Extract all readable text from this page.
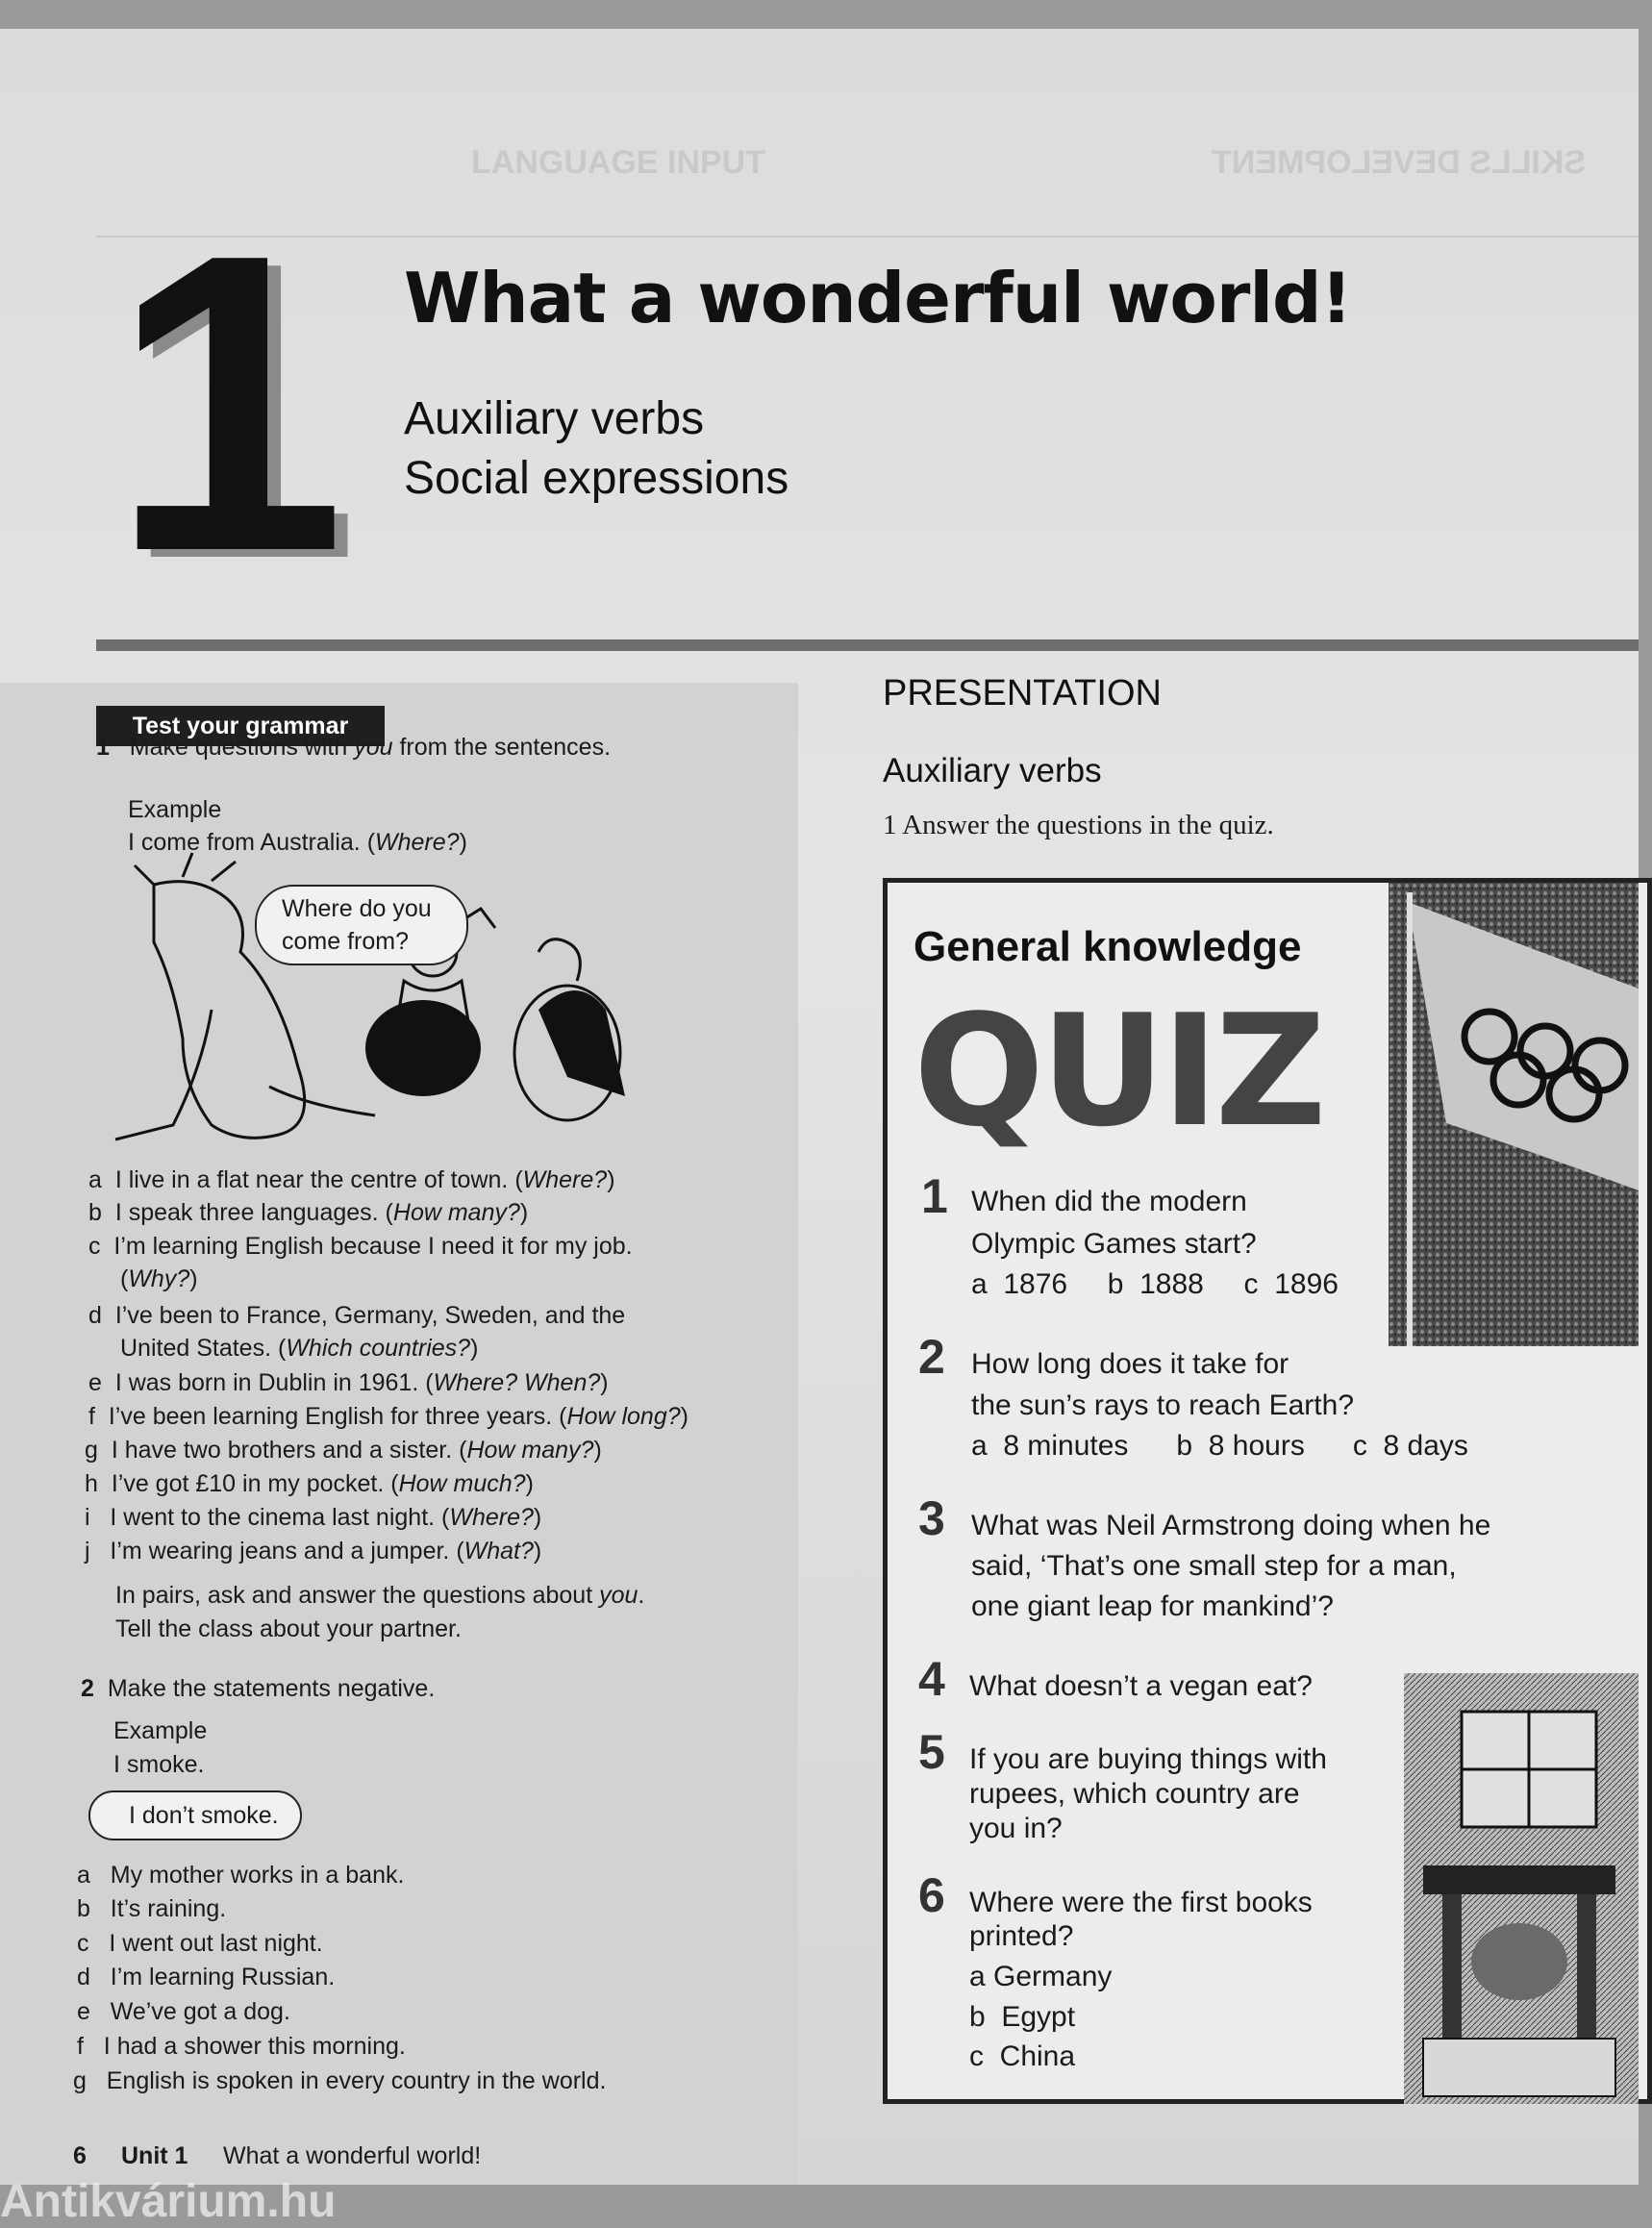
LANGUAGE INPUT	SKILLS DEVELOPMENT
1 What a wonderful world!
Auxiliary verbs
Social expressions
Test your grammar
1 Make questions with you from the sentences.
Example
I come from Australia. (Where?)
Where do you
come from?
a I live in a flat near the centre of town. (Where?)
b I speak three languages. (How many?)
c I’m learning English because I need it for my job.
(Why?)
d I’ve been to France, Germany, Sweden, and the
United States. (Which countries?)
e I was born in Dublin in 1961. (Where? When?)
f I’ve been learning English for three years. (How long?)
g I have two brothers and a sister. (How many?)
h I’ve got £10 in my pocket. (How much?)
i I went to the cinema last night. (Where?)
j I’m wearing jeans and a jumper. (What?)
In pairs, ask and answer the questions about you.
Tell the class about your partner.
2 Make the statements negative.
Example
I smoke.
I don’t smoke.
a My mother works in a bank.
b It’s raining.
c I went out last night.
d I’m learning Russian.
e We’ve got a dog.
f I had a shower this morning.
g English is spoken in every country in the world.
PRESENTATION
Auxiliary verbs
1 Answer the questions in the quiz.
General knowledge
QUIZ
1 When did the modern
Olympic Games start?
a  1876     b  1888     c  1896
2 How long does it take for
the sun’s rays to reach Earth?
a  8 minutes      b  8 hours      c  8 days
3 What was Neil Armstrong doing when he
said, ‘That’s one small step for a man,
one giant leap for mankind’?
4 What doesn’t a vegan eat?
5 If you are buying things with
rupees, which country are
you in?
6 Where were the first books
printed?
a Germany
b  Egypt
c  China
6 Unit 1 What a wonderful world!
Antikvárium.hu
